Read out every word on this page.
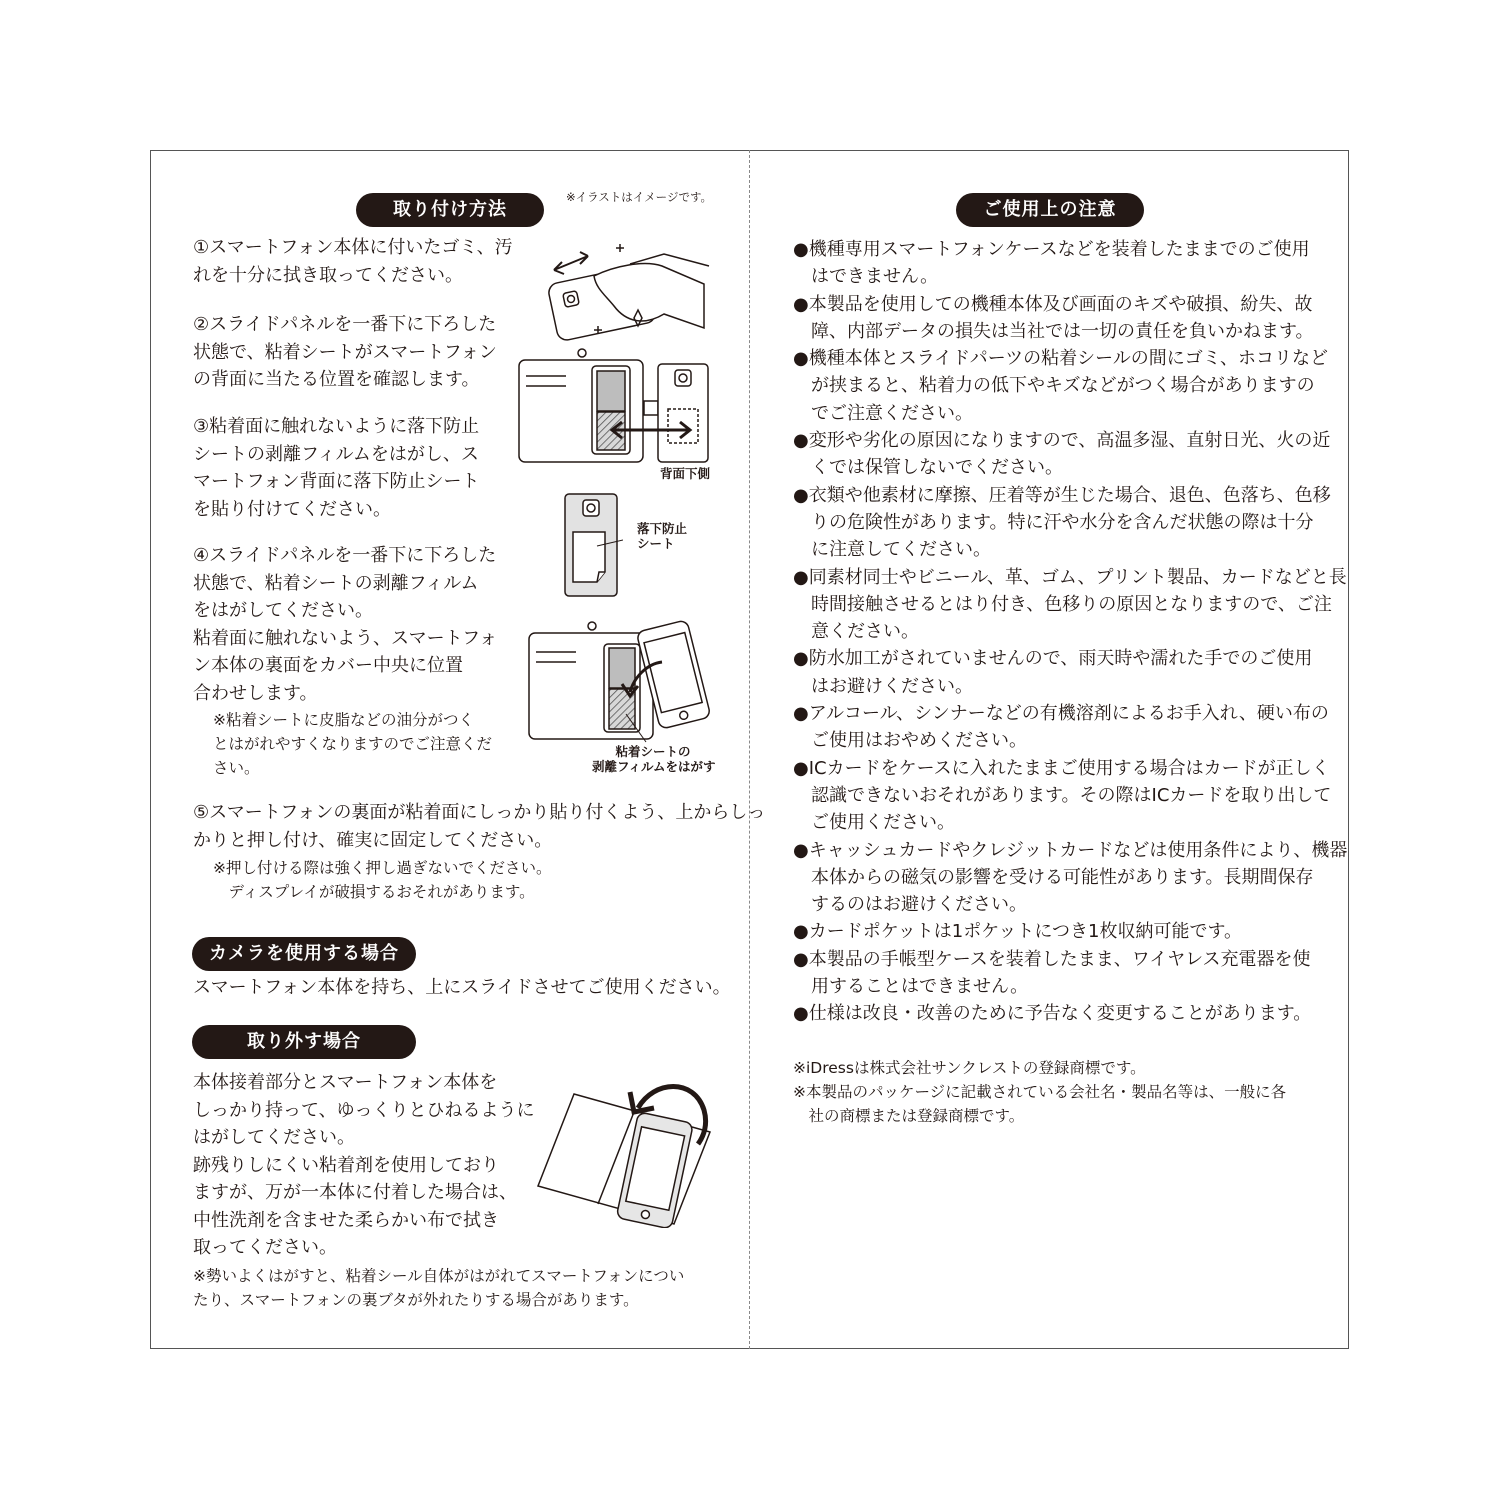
取り付け方法
※イラストはイメージです。
①スマートフォン本体に付いたゴミ、汚
れを十分に拭き取ってください。
②スライドパネルを一番下に下ろした
状態で、粘着シートがスマートフォン
の背面に当たる位置を確認します。
③粘着面に触れないように落下防止
シートの剥離フィルムをはがし、ス
マートフォン背面に落下防止シート
を貼り付けてください。
④スライドパネルを一番下に下ろした
状態で、粘着シートの剥離フィルム
をはがしてください。
粘着面に触れないよう、スマートフォ
ン本体の裏面をカバー中央に位置
合わせします。
※粘着シートに皮脂などの油分がつく
とはがれやすくなりますのでご注意くだ
さい。
⑤スマートフォンの裏面が粘着面にしっかり貼り付くよう、上からしっ
かりと押し付け、確実に固定してください。
※押し付ける際は強く押し過ぎないでください。
　ディスプレイが破損するおそれがあります。
背面下側
落下防止
シート
粘着シートの
剥離フィルムをはがす
カメラを使用する場合
スマートフォン本体を持ち、上にスライドさせてご使用ください。
取り外す場合
本体接着部分とスマートフォン本体を
しっかり持って、ゆっくりとひねるように
はがしてください。
跡残りしにくい粘着剤を使用しており
ますが、万が一本体に付着した場合は、
中性洗剤を含ませた柔らかい布で拭き
取ってください。
※勢いよくはがすと、粘着シール自体がはがれてスマートフォンについ
たり、スマートフォンの裏ブタが外れたりする場合があります。
ご使用上の注意
●機種専用スマートフォンケースなどを装着したままでのご使用
　はできません。
●本製品を使用しての機種本体及び画面のキズや破損、紛失、故
　障、内部データの損失は当社では一切の責任を負いかねます。
●機種本体とスライドパーツの粘着シールの間にゴミ、ホコリなど
　が挟まると、粘着力の低下やキズなどがつく場合がありますの
　でご注意ください。
●変形や劣化の原因になりますので、高温多湿、直射日光、火の近
　くでは保管しないでください。
●衣類や他素材に摩擦、圧着等が生じた場合、退色、色落ち、色移
　りの危険性があります。特に汗や水分を含んだ状態の際は十分
　に注意してください。
●同素材同士やビニール、革、ゴム、プリント製品、カードなどと長
　時間接触させるとはり付き、色移りの原因となりますので、ご注
　意ください。
●防水加工がされていませんので、雨天時や濡れた手でのご使用
　はお避けください。
●アルコール、シンナーなどの有機溶剤によるお手入れ、硬い布の
　ご使用はおやめください。
●ICカードをケースに入れたままご使用する場合はカードが正しく
　認識できないおそれがあります。その際はICカードを取り出して
　ご使用ください。
●キャッシュカードやクレジットカードなどは使用条件により、機器
　本体からの磁気の影響を受ける可能性があります。長期間保存
　するのはお避けください。
●カードポケットは1ポケットにつき1枚収納可能です。
●本製品の手帳型ケースを装着したまま、ワイヤレス充電器を使
　用することはできません。
●仕様は改良・改善のために予告なく変更することがあります。
※iDressは株式会社サンクレストの登録商標です。
※本製品のパッケージに記載されている会社名・製品名等は、一般に各
　社の商標または登録商標です。
